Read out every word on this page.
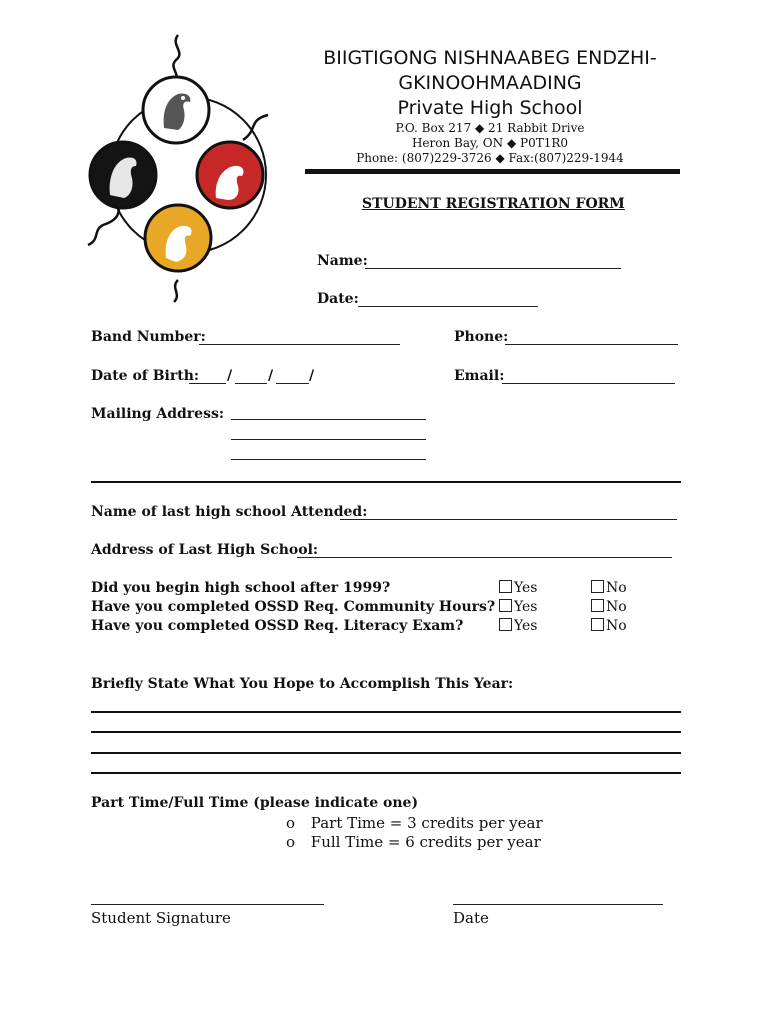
BIIGTIGONG NISHNAABEG ENDZHI-
GKINOOHMAADING
Private High School
P.O. Box 217 ◆ 21 Rabbit Drive
Heron Bay, ON ◆ P0T1R0
Phone: (807)229-3726 ◆ Fax:(807)229-1944
STUDENT REGISTRATION FORM
Name:
Date:
Band Number:	Phone:
Date of Birth: /	/	/	Email:
Mailing Address:
Name of last high school Attended:
Address of Last High School:
Did you begin high school after 1999?	Yes	No
Have you completed OSSD Req. Community Hours?	Yes	No
Have you completed OSSD Req. Literacy Exam?	Yes	No
Briefly State What You Hope to Accomplish This Year:
Part Time/Full Time (please indicate one)
o Part Time = 3 credits per year
o Full Time = 6 credits per year
Student Signature	Date
